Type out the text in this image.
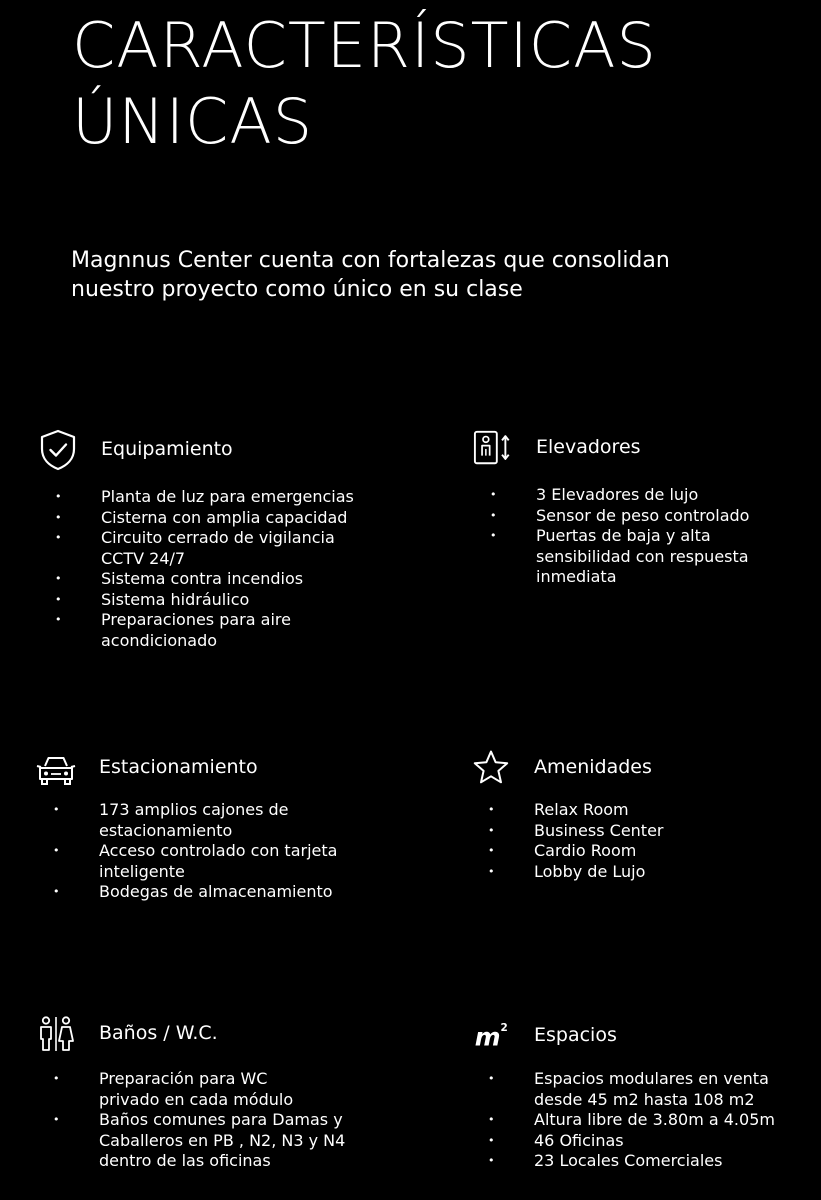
CARACTERÍSTICAS
ÚNICAS

Magnnus Center cuenta con fortalezas que consolidan
nuestro proyecto como único en su clase

Equipamiento
• Planta de luz para emergencias
• Cisterna con amplia capacidad
• Circuito cerrado de vigilancia
CCTV 24/7
• Sistema contra incendios
• Sistema hidráulico
• Preparaciones para aire
acondicionado
Elevadores
• 3 Elevadores de lujo
• Sensor de peso controlado
• Puertas de baja y alta
sensibilidad con respuesta
inmediata
Estacionamiento
• 173 amplios cajones de
estacionamiento
• Acceso controlado con tarjeta
inteligente
• Bodegas de almacenamiento
Amenidades
• Relax Room
• Business Center
• Cardio Room
• Lobby de Lujo
Baños / W.C.
• Preparación para WC
privado en cada módulo
• Baños comunes para Damas y
Caballeros en PB , N2, N3 y N4
dentro de las oficinas
m 2 Espacios
• Espacios modulares en venta
desde 45 m2 hasta 108 m2
• Altura libre de 3.80m a 4.05m
• 46 Oficinas
• 23 Locales Comerciales
